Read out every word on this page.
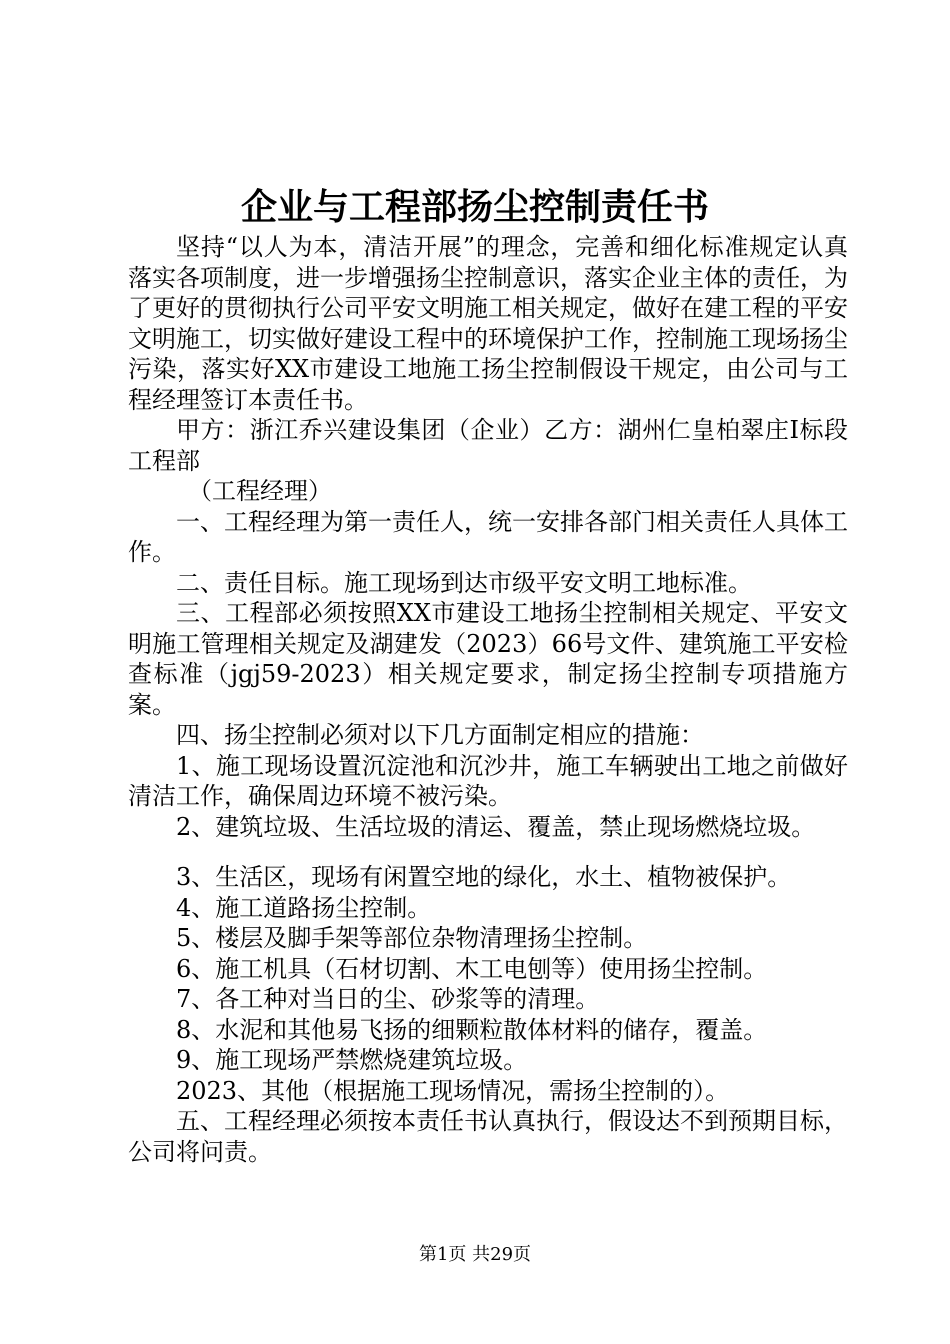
企业与工程部扬尘控制责任书

坚持“以人为本，清洁开展”的理念，完善和细化标准规定认真落实各项制度，进一步增强扬尘控制意识，落实企业主体的责任，为了更好的贯彻执行公司平安文明施工相关规定，做好在建工程的平安文明施工，切实做好建设工程中的环境保护工作，控制施工现场扬尘污染，落实好XX市建设工地施工扬尘控制假设干规定，由公司与工程经理签订本责任书。

甲方：浙江乔兴建设集团（企业）乙方：湖州仁皇柏翠庄Ⅰ标段工程部

（工程经理）

一、工程经理为第一责任人，统一安排各部门相关责任人具体工作。

二、责任目标。施工现场到达市级平安文明工地标准。

三、工程部必须按照XX市建设工地扬尘控制相关规定、平安文明施工管理相关规定及湖建发（2023）66号文件、建筑施工平安检查标准（jgj59-2023）相关规定要求，制定扬尘控制专项措施方案。

四、扬尘控制必须对以下几方面制定相应的措施：

1、施工现场设置沉淀池和沉沙井，施工车辆驶出工地之前做好清洁工作，确保周边环境不被污染。

2、建筑垃圾、生活垃圾的清运、覆盖，禁止现场燃烧垃圾。

3、生活区，现场有闲置空地的绿化，水土、植物被保护。

4、施工道路扬尘控制。

5、楼层及脚手架等部位杂物清理扬尘控制。

6、施工机具（石材切割、木工电刨等）使用扬尘控制。

7、各工种对当日的尘、砂浆等的清理。

8、水泥和其他易飞扬的细颗粒散体材料的储存，覆盖。

9、施工现场严禁燃烧建筑垃圾。

2023、其他（根据施工现场情况，需扬尘控制的）。

五、工程经理必须按本责任书认真执行，假设达不到预期目标，公司将问责。

第1页 共29页
